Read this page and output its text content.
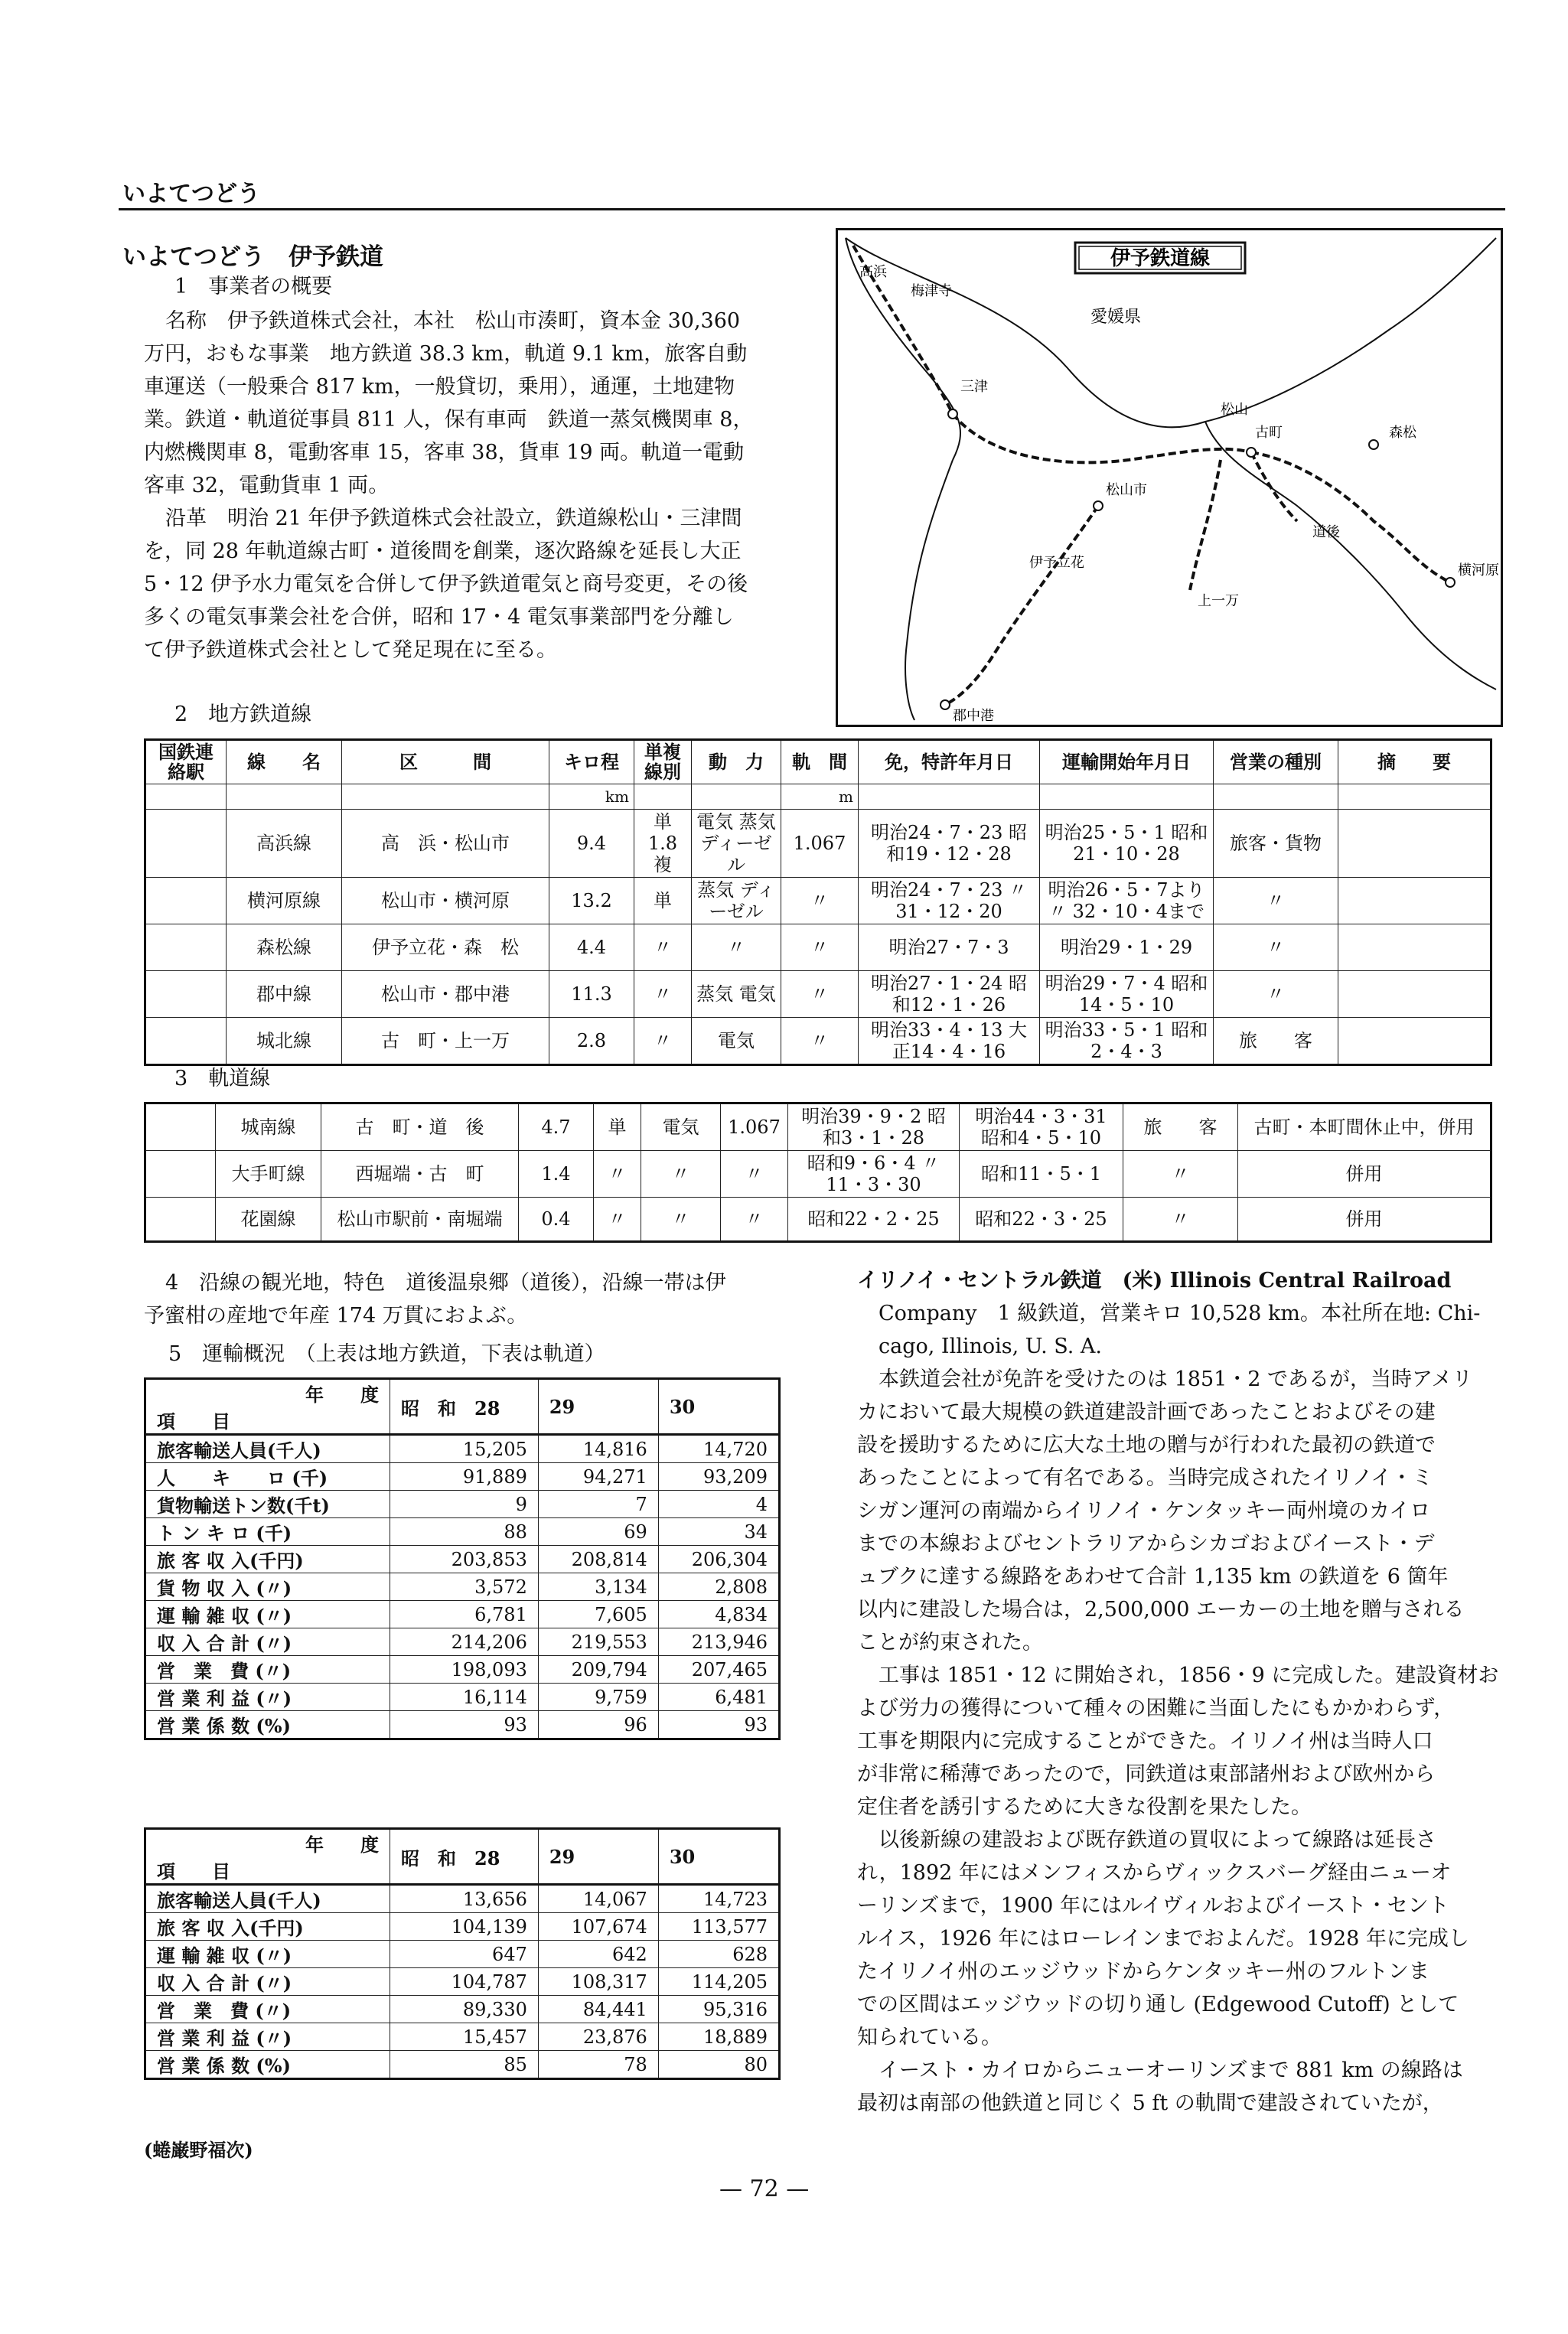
いよてつどう
いよてつどう　伊予鉄道
1　事業者の概要

名称　伊予鉄道株式会社，本社　松山市湊町，資本金 30,360

万円，おもな事業　地方鉄道 38.3 km，軌道 9.1 km，旅客自動

車運送（一般乗合 817 km，一般貸切，乗用），通運，土地建物

業。鉄道・軌道従事員 811 人，保有車両　鉄道一蒸気機関車 8，

内燃機関車 8，電動客車 15，客車 38，貨車 19 両。軌道一電動

客車 32，電動貨車 1 両。

沿革　明治 21 年伊予鉄道株式会社設立，鉄道線松山・三津間

を，同 28 年軌道線古町・道後間を創業，逐次路線を延長し大正

5・12 伊予水力電気を合併して伊予鉄道電気と商号変更，その後

多くの電気事業会社を合併，昭和 17・4 電気事業部門を分離し

て伊予鉄道株式会社として発足現在に至る。

2　地方鉄道線
伊予鉄道線
高浜
梅津寺
三津
古町
松山
松山市
横河原
森松
郡中港
伊予立花
上一万
道後
愛媛県
国鉄連絡駅	線　　名	区　　　間	キロ程	単複線別	動　力	軌　間	免，特許年月日	運輸開始年月日	営業の種別	摘　　要
			km			m				
	高浜線	高　浜・松山市	9.4	単 1.8 複	電気 蒸気 ディーゼル	1.067	明治24・7・23 昭和19・12・28	明治25・5・1 昭和21・10・28	旅客・貨物	
	横河原線	松山市・横河原	13.2	単	蒸気 ディーゼル	〃	明治24・7・23 〃 31・12・20	明治26・5・7より 〃 32・10・4まで	〃	
	森松線	伊予立花・森　松	4.4	〃	〃	〃	明治27・7・3	明治29・1・29	〃	
	郡中線	松山市・郡中港	11.3	〃	蒸気 電気	〃	明治27・1・24 昭和12・1・26	明治29・7・4 昭和14・5・10	〃	
	城北線	古　町・上一万	2.8	〃	電気	〃	明治33・4・13 大正14・4・16	明治33・5・1 昭和2・4・3	旅　　客	
3　軌道線
	城南線	古　町・道　後	4.7	単	電気	1.067	明治39・9・2 昭和3・1・28	明治44・3・31 昭和4・5・10	旅　　客	古町・本町間休止中，併用
	大手町線	西堀端・古　町	1.4	〃	〃	〃	昭和9・6・4 〃 11・3・30	昭和11・5・1	〃	併用
	花園線	松山市駅前・南堀端	0.4	〃	〃	〃	昭和22・2・25	昭和22・3・25	〃	併用

4　沿線の観光地，特色　道後温泉郷（道後），沿線一帯は伊

予蜜柑の産地で年産 174 万貫におよぶ。

5　運輸概況　（上表は地方鉄道，下表は軌道）
年　　度
項　　目	昭　和　28	29	30
旅客輸送人員(千人)	15,205	14,816	14,720
人　　キ　　ロ (千)	91,889	94,271	93,209
貨物輸送トン数(千t)	9	7	4
ト ン キ ロ (千)	88	69	34
旅 客 収 入(千円)	203,853	208,814	206,304
貨 物 収 入 (〃)	3,572	3,134	2,808
運 輸 雑 収 (〃)	6,781	7,605	4,834
収 入 合 計 (〃)	214,206	219,553	213,946
営　業　費 (〃)	198,093	209,794	207,465
営 業 利 益 (〃)	16,114	9,759	6,481
営 業 係 数 (%)	93	96	93
年　　度
項　　目	昭　和　28	29	30
旅客輸送人員(千人)	13,656	14,067	14,723
旅 客 収 入(千円)	104,139	107,674	113,577
運 輸 雑 収 (〃)	647	642	628
収 入 合 計 (〃)	104,787	108,317	114,205
営　業　費 (〃)	89,330	84,441	95,316
営 業 利 益 (〃)	15,457	23,876	18,889
営 業 係 数 (%)	85	78	80
(蜷巌野福次)

イリノイ・セントラル鉄道　(米) Illinois Central Railroad

Company　1 級鉄道，営業キロ 10,528 km。本社所在地: Chi-

cago, Illinois, U. S. A.

本鉄道会社が免許を受けたのは 1851・2 であるが，当時アメリ

カにおいて最大規模の鉄道建設計画であったことおよびその建

設を援助するために広大な土地の贈与が行われた最初の鉄道で

あったことによって有名である。当時完成されたイリノイ・ミ

シガン運河の南端からイリノイ・ケンタッキー両州境のカイロ

までの本線およびセントラリアからシカゴおよびイースト・デ

ュブクに達する線路をあわせて合計 1,135 km の鉄道を 6 箇年

以内に建設した場合は，2,500,000 エーカーの土地を贈与される

ことが約束された。

工事は 1851・12 に開始され，1856・9 に完成した。建設資材お

よび労力の獲得について種々の困難に当面したにもかかわらず，

工事を期限内に完成することができた。イリノイ州は当時人口

が非常に稀薄であったので，同鉄道は東部諸州および欧州から

定住者を誘引するために大きな役割を果たした。

以後新線の建設および既存鉄道の買収によって線路は延長さ

れ，1892 年にはメンフィスからヴィックスバーグ経由ニューオ

ーリンズまで，1900 年にはルイヴィルおよびイースト・セント

ルイス，1926 年にはローレインまでおよんだ。1928 年に完成し

たイリノイ州のエッジウッドからケンタッキー州のフルトンま

での区間はエッジウッドの切り通し (Edgewood Cutoff) として

知られている。

イースト・カイロからニューオーリンズまで 881 km の線路は

最初は南部の他鉄道と同じく 5 ft の軌間で建設されていたが，

— 72 —
